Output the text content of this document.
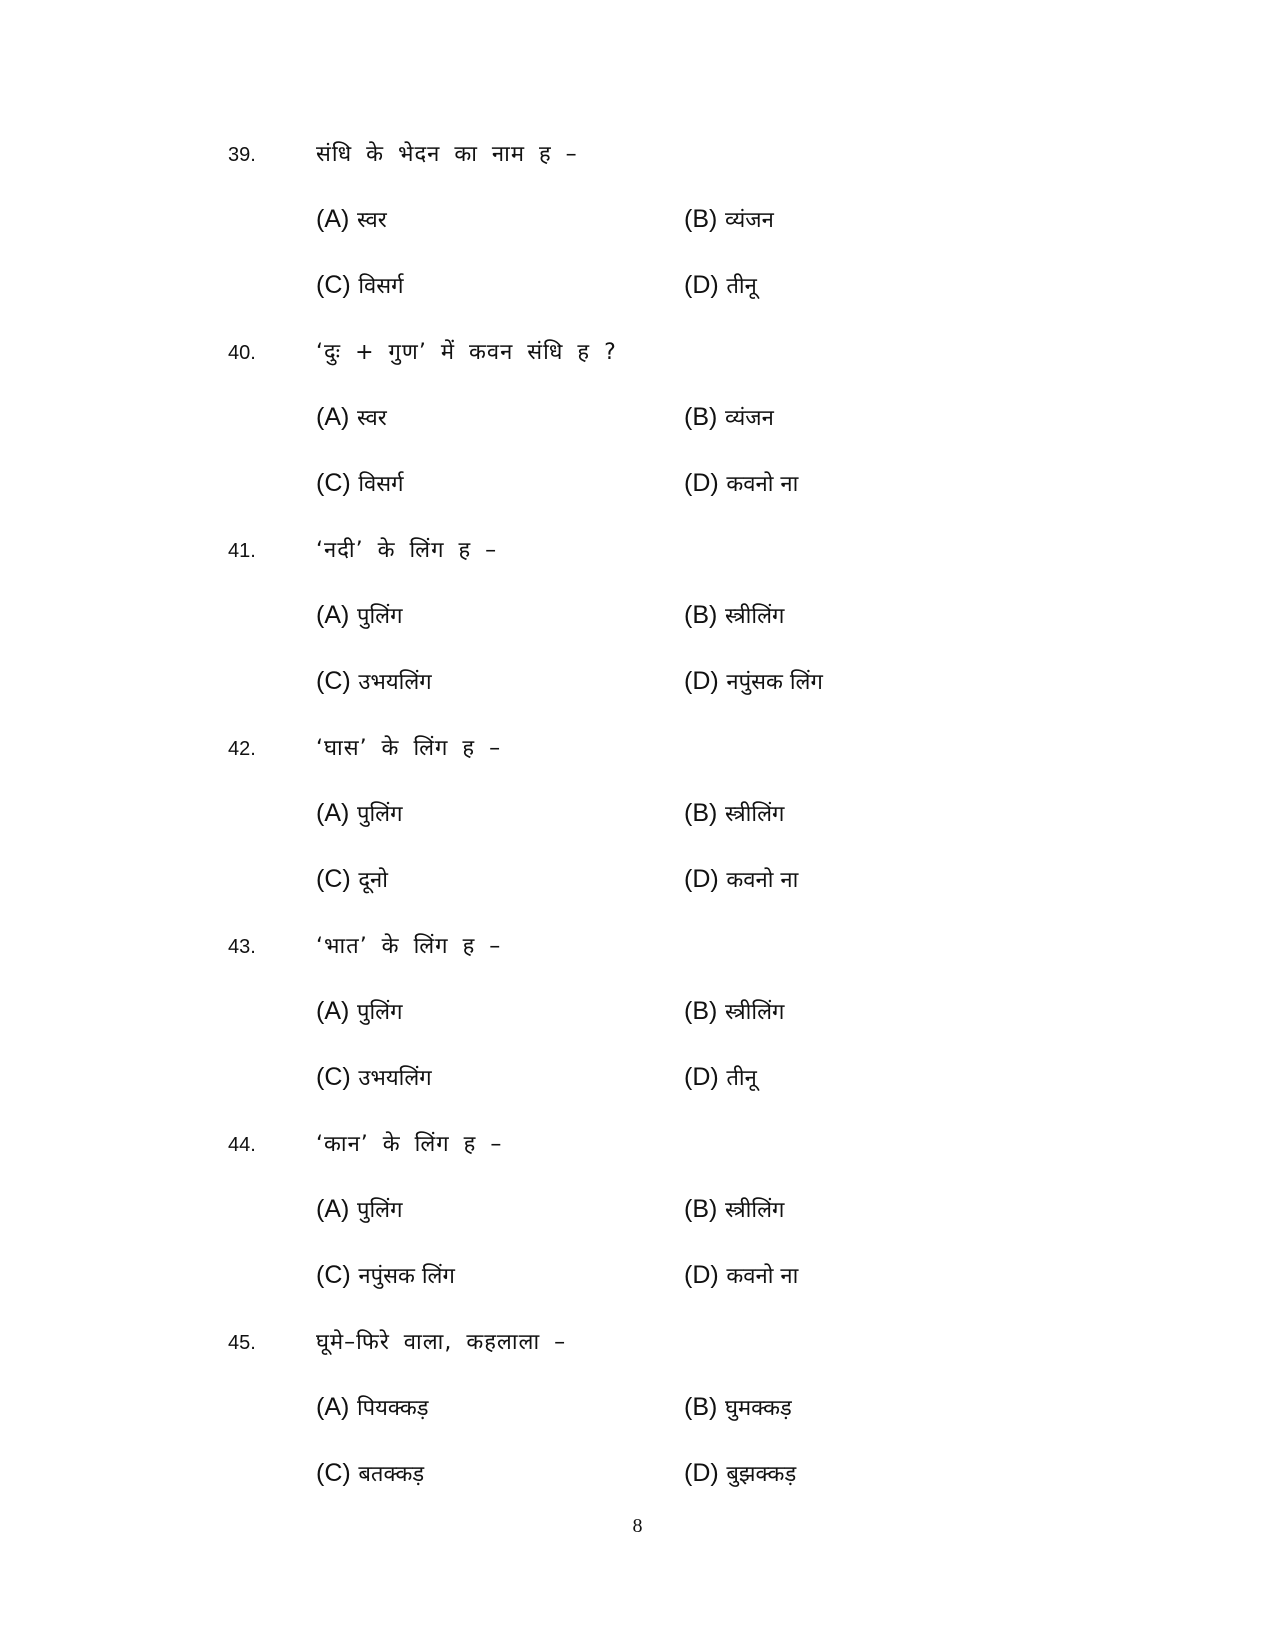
39.	संधि के भेदन का नाम ह –
(A) स्वर	(B) व्यंजन
(C) विसर्ग	(D) तीनू
40.	‘दुः + गुण’ में कवन संधि ह ?
(A) स्वर	(B) व्यंजन
(C) विसर्ग	(D) कवनो ना
41.	‘नदी’ के लिंग ह –
(A) पुलिंग	(B) स्त्रीलिंग
(C) उभयलिंग	(D) नपुंसक लिंग
42.	‘घास’ के लिंग ह –
(A) पुलिंग	(B) स्त्रीलिंग
(C) दूनो	(D) कवनो ना
43.	‘भात’ के लिंग ह –
(A) पुलिंग	(B) स्त्रीलिंग
(C) उभयलिंग	(D) तीनू
44.	‘कान’ के लिंग ह –
(A) पुलिंग	(B) स्त्रीलिंग
(C) नपुंसक लिंग	(D) कवनो ना
45.	घूमे–फिरे वाला, कहलाला –
(A) पियक्कड़	(B) घुमक्कड़
(C) बतक्कड़	(D) बुझक्कड़
8
